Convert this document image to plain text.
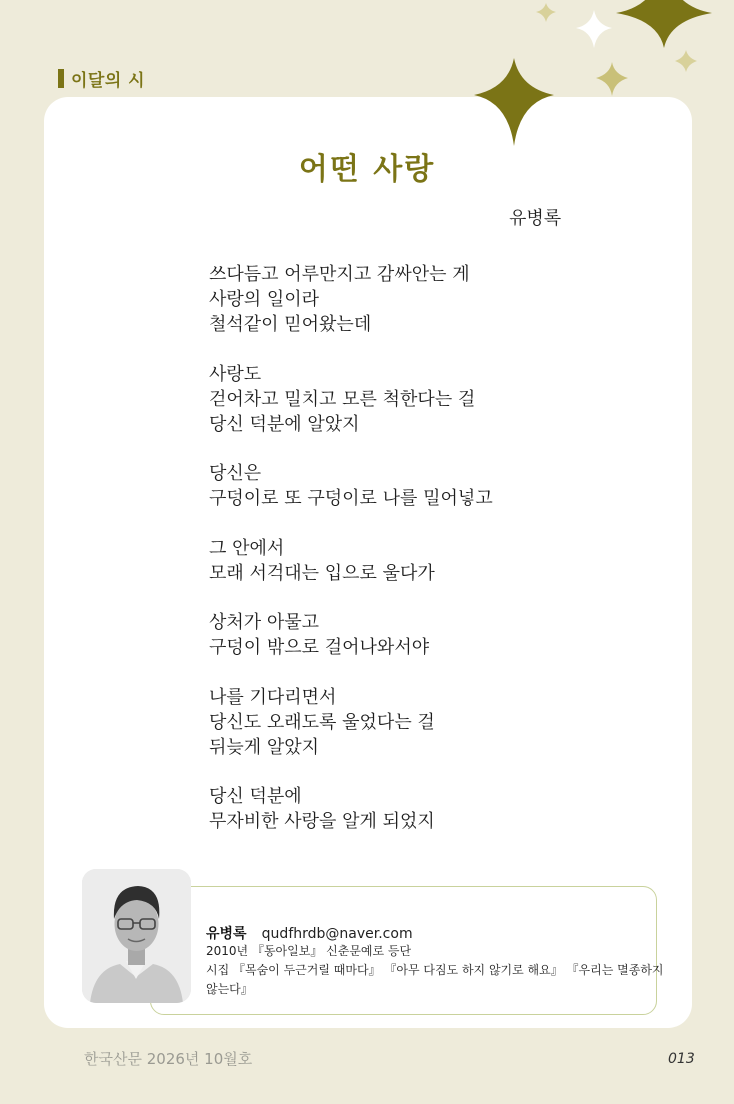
이달의 시
어떤 사랑
유병록
쓰다듬고 어루만지고 감싸안는 게
사랑의 일이라
철석같이 믿어왔는데
사랑도
걷어차고 밀치고 모른 척한다는 걸
당신 덕분에 알았지
당신은
구덩이로 또 구덩이로 나를 밀어넣고
그 안에서
모래 서걱대는 입으로 울다가
상처가 아물고
구덩이 밖으로 걸어나와서야
나를 기다리면서
당신도 오래도록 울었다는 걸
뒤늦게 알았지
당신 덕분에
무자비한 사랑을 알게 되었지
유병록 qudfhrdb@naver.com
2010년 『동아일보』 신춘문예로 등단
시집 『목숨이 두근거릴 때마다』 『아무 다짐도 하지 않기로 해요』 『우리는 멸종하지
않는다』
한국산문 2026년 10월호	013
